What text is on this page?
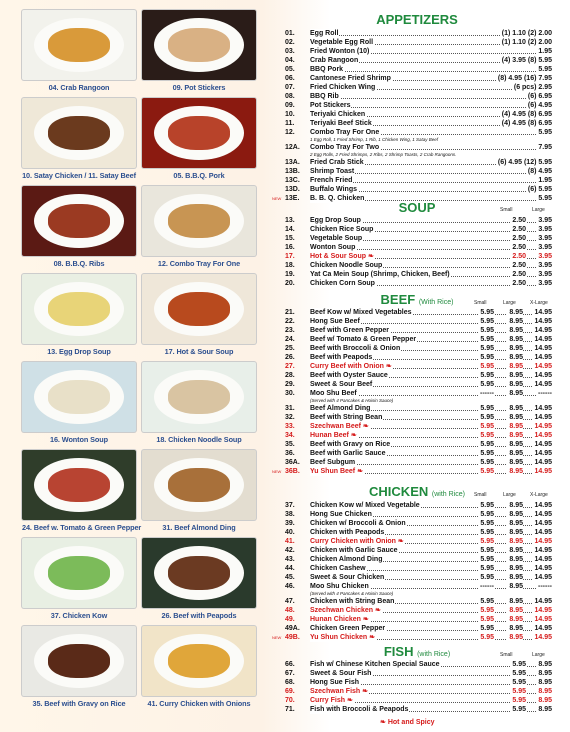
04. Crab Rangoon	09. Pot Stickers
10. Satay Chicken / 11. Satay Beef	05. B.B.Q. Pork
08. B.B.Q. Ribs	12. Combo Tray For One
13. Egg Drop Soup	17. Hot & Sour Soup
16. Wonton Soup	18. Chicken Noodle Soup
24. Beef w. Tomato & Green Pepper	31. Beef Almond Ding
37. Chicken Kow	26. Beef with Peapods
35. Beef with Gravy on Rice	41. Curry Chicken with Onions
APPETIZERS
SOUP	Small	Large
BEEF (With Rice)	Small	Large	X-Large
CHICKEN (with Rice)	Small	Large	X-Large
FISH (with Rice)	Small	Large
01.	Egg Roll	(1) 1.10 (2) 2.00
02.	Vegetable Egg Roll	(1) 1.10 (2) 2.00
03.	Fried Wonton (10)	1.95
04.	Crab Rangoon	(4) 3.95 (8) 5.95
05.	BBQ Pork	5.95
06.	Cantonese Fried Shrimp	(8) 4.95 (16) 7.95
07.	Fried Chicken Wing	(6 pcs) 2.95
08.	BBQ Rib	(6) 6.95
09.	Pot Stickers	(6) 4.95
10.	Teriyaki Chicken	(4) 4.95 (8) 6.95
11.	Teriyaki Beef Stick	(4) 4.95 (8) 6.95
12.	Combo Tray For One	5.95
1 Egg Roll, 1 Fried Shrimp, 1 Rib, 1 Chicken Wing, 1 Satay Beef
12A.	Combo Tray For Two	7.95
2 Egg Rolls, 2 Fried Shrimps, 2 Ribs, 2 Shrimp Toasts, 2 Crab Rangoons.
13A.	Fried Crab Stick	(6) 4.95 (12) 5.95
13B.	Shrimp Toast	(8) 4.95
13C.	French Fried	1.95
13D.	Buffalo Wings	(6) 5.95
NEW 13E.	B. B. Q. Chicken	5.95
13.	Egg Drop Soup	2.50 3.95
14.	Chicken Rice Soup	2.50 3.95
15.	Vegetable Soup	2.50 3.95
16.	Wonton Soup	2.50 3.95
17.	Hot & Sour Soup ❧	2.50 3.95
18.	Chicken Noodle Soup	2.50 3.95
19.	Yat Ca Mein Soup (Shrimp, Chicken, Beef)	2.50 3.95
20.	Chicken Corn Soup	2.50 3.95
21.	Beef Kow w/ Mixed Vegetables	5.95 8.95 14.95
22.	Hong Sue Beef	5.95 8.95 14.95
23.	Beef with Green Pepper	5.95 8.95 14.95
24.	Beef w/ Tomato & Green Pepper	5.95 8.95 14.95
25.	Beef with Broccoli & Onion	5.95 8.95 14.95
26.	Beef with Peapods	5.95 8.95 14.95
27.	Curry Beef with Onion ❧	5.95 8.95 14.95
28.	Beef with Oyster Sauce	5.95 8.95 14.95
29.	Sweet & Sour Beef	5.95 8.95 14.95
30.	Moo Shu Beef	------ 8.95 ------
(Served with 4 Pancakes & Hoisin Sauce)
31.	Beef Almond Ding	5.95 8.95 14.95
32.	Beef with String Bean	5.95 8.95 14.95
33.	Szechwan Beef ❧	5.95 8.95 14.95
34.	Hunan Beef ❧	5.95 8.95 14.95
35.	Beef with Gravy on Rice	5.95 8.95 14.95
36.	Beef with Garlic Sauce	5.95 8.95 14.95
36A.	Beef Subgum	5.95 8.95 14.95
NEW 36B.	Yu Shun Beef ❧	5.95 8.95 14.95
37.	Chicken Kow w/ Mixed Vegetable	5.95 8.95 14.95
38.	Hong Sue Chicken	5.95 8.95 14.95
39.	Chicken w/ Broccoli & Onion	5.95 8.95 14.95
40.	Chicken with Peapods	5.95 8.95 14.95
41.	Curry Chicken with Onion ❧	5.95 8.95 14.95
42.	Chicken with Garlic Sauce	5.95 8.95 14.95
43.	Chicken Almond Ding	5.95 8.95 14.95
44.	Chicken Cashew	5.95 8.95 14.95
45.	Sweet & Sour Chicken	5.95 8.95 14.95
46.	Moo Shu Chicken	------ 8.95 ------
(Served with 4 Pancakes & Hoisin Sauce)
47.	Chicken with String Bean	5.95 8.95 14.95
48.	Szechwan Chicken ❧	5.95 8.95 14.95
49.	Hunan Chicken ❧	5.95 8.95 14.95
49A.	Chicken Green Pepper	5.95 8.95 14.95
NEW 49B.	Yu Shun Chicken ❧	5.95 8.95 14.95
66.	Fish w/ Chinese Kitchen Special Sauce	5.95 8.95
67.	Sweet & Sour Fish	5.95 8.95
68.	Hong Sue Fish	5.95 8.95
69.	Szechwan Fish ❧	5.95 8.95
70.	Curry Fish ❧	5.95 8.95
71.	Fish with Broccoli & Peapods	5.95 8.95
❧ Hot and Spicy
